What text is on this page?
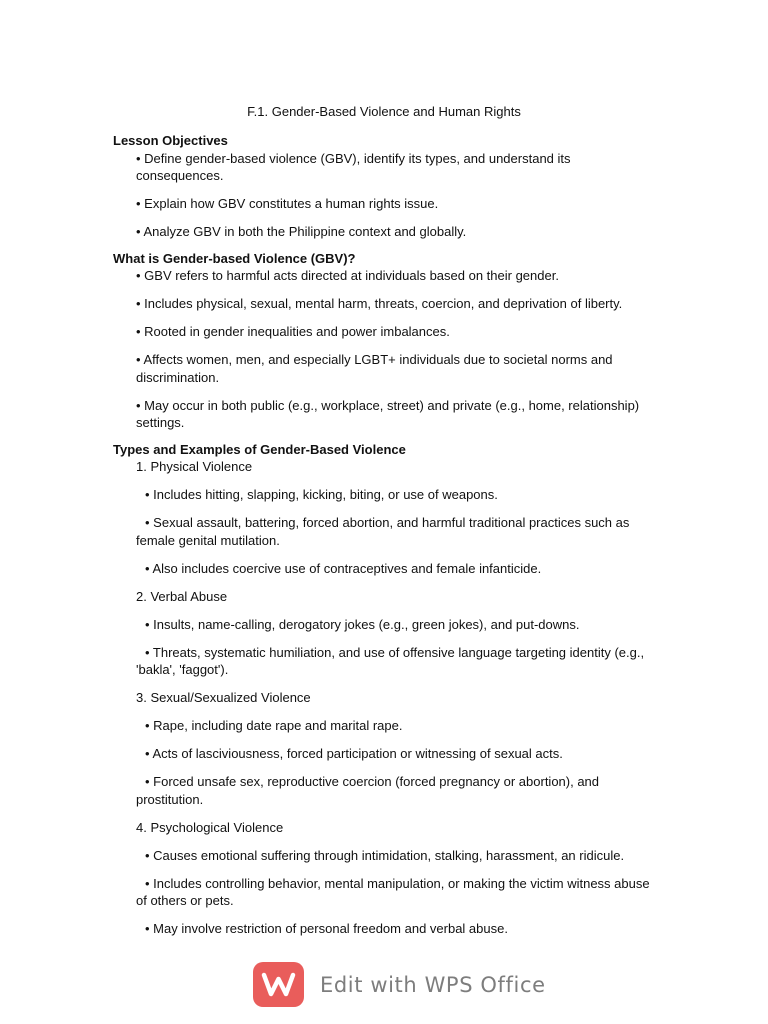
F.1. Gender-Based Violence and Human Rights

Lesson Objectives

• Define gender-based violence (GBV), identify its types, and understand its consequences.

• Explain how GBV constitutes a human rights issue.

• Analyze GBV in both the Philippine context and globally.

What is Gender-based Violence (GBV)?

• GBV refers to harmful acts directed at individuals based on their gender.

• Includes physical, sexual, mental harm, threats, coercion, and deprivation of liberty.

• Rooted in gender inequalities and power imbalances.

• Affects women, men, and especially LGBT+ individuals due to societal norms and discrimination.

• May occur in both public (e.g., workplace, street) and private (e.g., home, relationship) settings.

Types and Examples of Gender-Based Violence

1. Physical Violence

• Includes hitting, slapping, kicking, biting, or use of weapons.

• Sexual assault, battering, forced abortion, and harmful traditional practices such as female genital mutilation.

• Also includes coercive use of contraceptives and female infanticide.

2. Verbal Abuse

• Insults, name-calling, derogatory jokes (e.g., green jokes), and put-downs.

• Threats, systematic humiliation, and use of offensive language targeting identity (e.g., 'bakla', 'faggot').

3. Sexual/Sexualized Violence

• Rape, including date rape and marital rape.

• Acts of lasciviousness, forced participation or witnessing of sexual acts.

• Forced unsafe sex, reproductive coercion (forced pregnancy or abortion), and prostitution.

4. Psychological Violence

• Causes emotional suffering through intimidation, stalking, harassment, an ridicule.

• Includes controlling behavior, mental manipulation, or making the victim witness abuse of others or pets.

• May involve restriction of personal freedom and verbal abuse.

Edit with WPS Office
